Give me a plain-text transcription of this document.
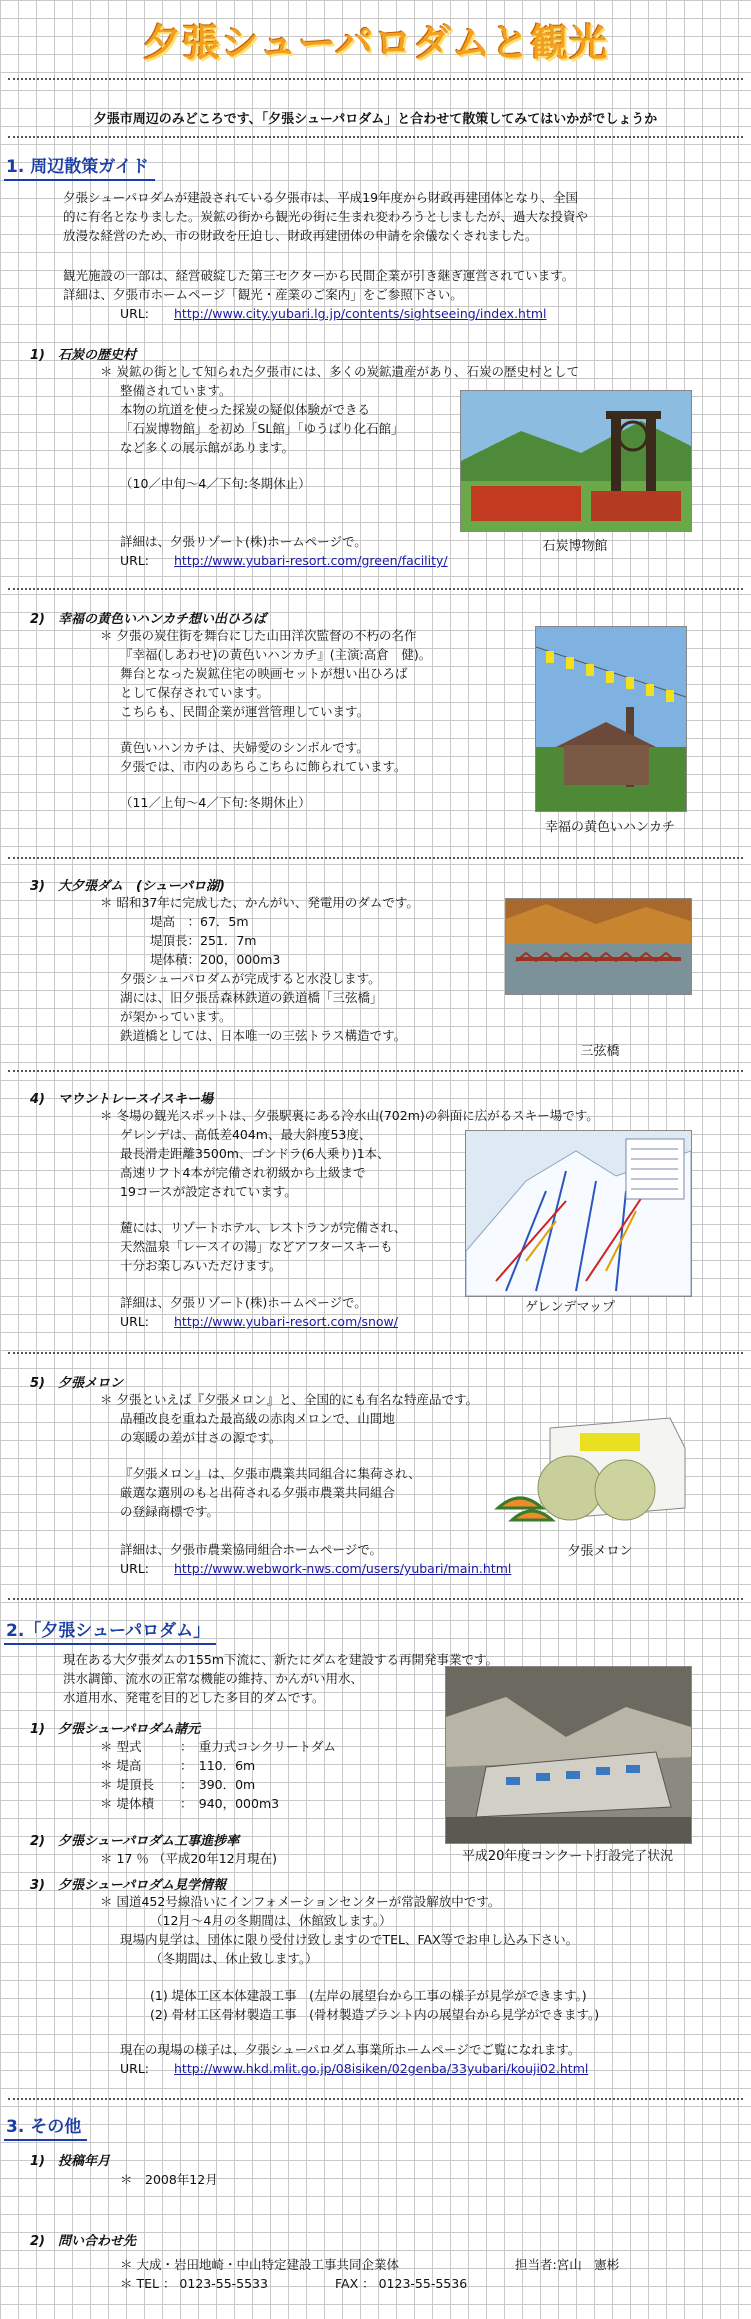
夕張シューパロダムと観光
夕張市周辺のみどころです、「夕張シューパロダム」と合わせて散策してみてはいかがでしょうか
1. 周辺散策ガイド
夕張シューパロダムが建設されている夕張市は、平成19年度から財政再建団体となり、全国
的に有名となりました。炭鉱の街から観光の街に生まれ変わろうとしましたが、過大な投資や
放漫な経営のため、市の財政を圧迫し、財政再建団体の申請を余儀なくされました。
観光施設の一部は、経営破綻した第三セクターから民間企業が引き継ぎ運営されています。
詳細は、夕張市ホームページ「観光・産業のご案内」をご参照下さい。
URL: http://www.city.yubari.lg.jp/contents/sightseeing/index.html
1)　石炭の歴史村
＊ 炭鉱の街として知られた夕張市には、多くの炭鉱遺産があり、石炭の歴史村として
整備されています。
本物の坑道を使った採炭の疑似体験ができる
「石炭博物館」を初め「SL館」「ゆうばり化石館」
など多くの展示館があります。
（10／中旬～4／下旬:冬期休止）
詳細は、夕張リゾート(株)ホームページで。
URL: http://www.yubari-resort.com/green/facility/
石炭博物館
2)　幸福の黄色いハンカチ想い出ひろば
＊ 夕張の炭住街を舞台にした山田洋次監督の不朽の名作
『幸福(しあわせ)の黄色いハンカチ』(主演:高倉　健)。
舞台となった炭鉱住宅の映画セットが想い出ひろば
として保存されています。
こちらも、民間企業が運営管理しています。
黄色いハンカチは、夫婦愛のシンボルです。
夕張では、市内のあちらこちらに飾られています。
（11／上旬～4／下旬:冬期休止）
幸福の黄色いハンカチ
3)　大夕張ダム　(シューパロ湖)
＊ 昭和37年に完成した、かんがい、発電用のダムです。
堤高　：67．5m
堤頂長：251．7m
堤体積：200，000m3
夕張シューパロダムが完成すると水没します。
湖には、旧夕張岳森林鉄道の鉄道橋「三弦橋」
が架かっています。
鉄道橋としては、日本唯一の三弦トラス構造です。
三弦橋
4)　マウントレースイスキー場
＊ 冬場の観光スポットは、夕張駅裏にある冷水山(702m)の斜面に広がるスキー場です。
ゲレンデは、高低差404m、最大斜度53度、
最長滑走距離3500m、ゴンドラ(6人乗り)1本、
高速リフト4本が完備され初級から上級まで
19コースが設定されています。
麓には、リゾートホテル、レストランが完備され、
天然温泉「レースイの湯」などアフタースキーも
十分お楽しみいただけます。
詳細は、夕張リゾート(株)ホームページで。
URL: http://www.yubari-resort.com/snow/
ゲレンデマップ
5)　夕張メロン
＊ 夕張といえば『夕張メロン』と、全国的にも有名な特産品です。
品種改良を重ねた最高級の赤肉メロンで、山間地
の寒暖の差が甘さの源です。
『夕張メロン』は、夕張市農業共同組合に集荷され、
厳選な選別のもと出荷される夕張市農業共同組合
の登録商標です。
詳細は、夕張市農業協同組合ホームページで。
URL: http://www.webwork-nws.com/users/yubari/main.html
夕張メロン
2.「夕張シューパロダム」
現在ある大夕張ダムの155m下流に、新たにダムを建設する再開発事業です。
洪水調節、流水の正常な機能の維持、かんがい用水、
水道用水、発電を目的とした多目的ダムです。
1)　夕張シューパロダム諸元
＊ 型式	：　重力式コンクリートダム
＊ 堤高	：　110．6m
＊ 堤頂長 ：　390．0m
＊ 堤体積 ：　940，000m3
2)　夕張シューパロダム工事進捗率
＊ 17 ％ （平成20年12月現在)	平成20年度コンクート打設完了状況
3)　夕張シューパロダム見学情報
＊ 国道452号線沿いにインフォメーションセンターが常設解放中です。
（12月～4月の冬期間は、休館致します。）
現場内見学は、団体に限り受付け致しますのでTEL、FAX等でお申し込み下さい。
（冬期間は、休止致します。）
(1) 堤体工区本体建設工事　(左岸の展望台から工事の様子が見学ができます。)
(2) 骨材工区骨材製造工事　(骨材製造プラント内の展望台から見学ができます。)
現在の現場の様子は、夕張シューパロダム事業所ホームページでご覧になれます。
URL: http://www.hkd.mlit.go.jp/08isiken/02genba/33yubari/kouji02.html
3. その他
1)　投稿年月
＊　2008年12月
2)　問い合わせ先
＊ 大成・岩田地崎・中山特定建設工事共同企業体	担当者:宮山　憲彬
＊ TEL ： 0123-55-5533	FAX ： 0123-55-5536
